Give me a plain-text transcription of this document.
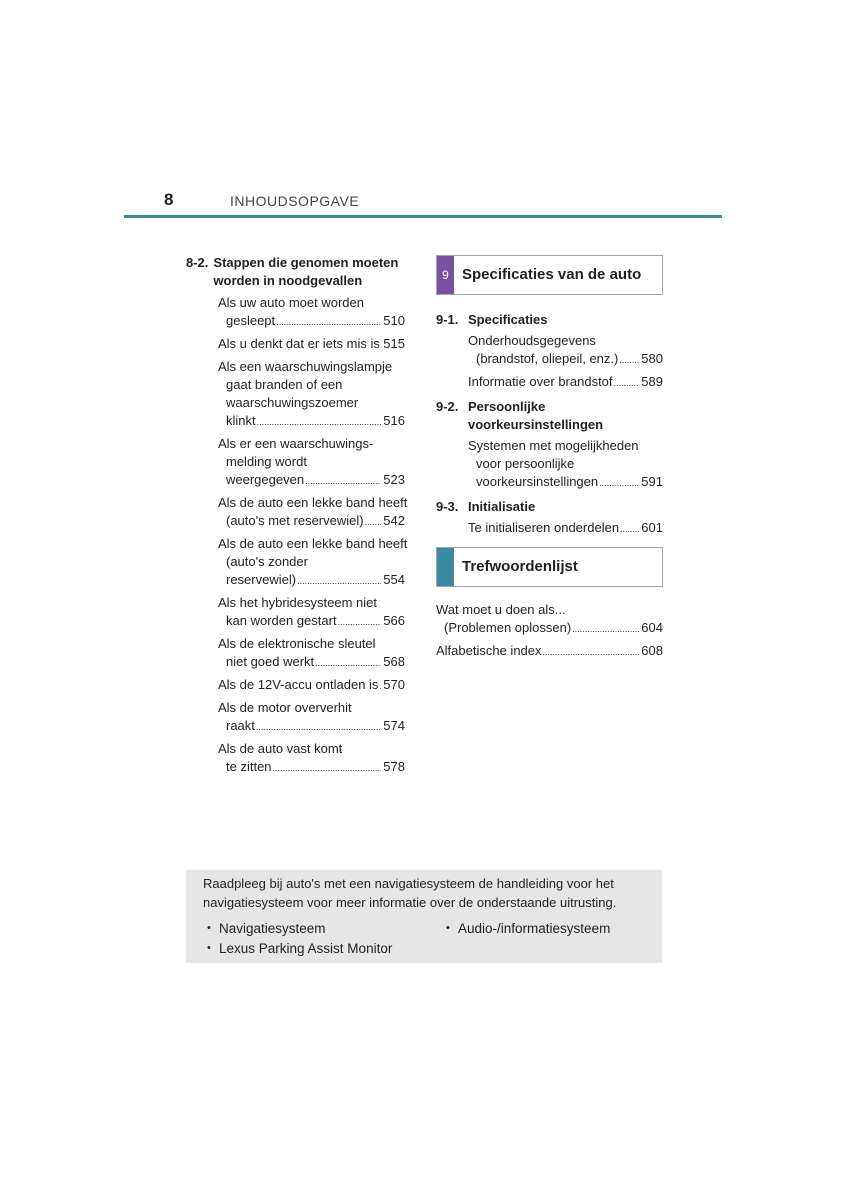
8	INHOUDSOPGAVE
8-2. Stappen die genomen moeten
worden in noodgevallen
Als uw auto moet worden
gesleept .....	510
Als u denkt dat er iets mis is ..... 515
Als een waarschuwingslampje
gaat branden of een
waarschuwingszoemer
klinkt .....	516
Als er een waarschuwings-
melding wordt
weergegeven .....	523
Als de auto een lekke band heeft
(auto's met reservewiel) ..... 542
Als de auto een lekke band heeft
(auto's zonder
reservewiel) .....	554
Als het hybridesysteem niet
kan worden gestart .....	566
Als de elektronische sleutel
niet goed werkt .....	568
Als de 12V-accu ontladen is ..... 570
Als de motor oververhit
raakt .....	574
Als de auto vast komt
te zitten .....	578
9 Specificaties van de auto
9-1. Specificaties
Onderhoudsgegevens
(brandstof, oliepeil, enz.) ..... 580
Informatie over brandstof ..... 589
9-2. Persoonlijke
voorkeursinstellingen
Systemen met mogelijkheden
voor persoonlijke
voorkeursinstellingen .....	591
9-3. Initialisatie
Te initialiseren onderdelen ..... 601
Trefwoordenlijst
Wat moet u doen als...
(Problemen oplossen) .....	604
Alfabetische index .....	608
Raadpleeg bij auto's met een navigatiesysteem de handleiding voor het navigatiesysteem voor meer informatie over de onderstaande uitrusting.
• Navigatiesysteem	• Audio-/informatiesysteem
• Lexus Parking Assist Monitor
